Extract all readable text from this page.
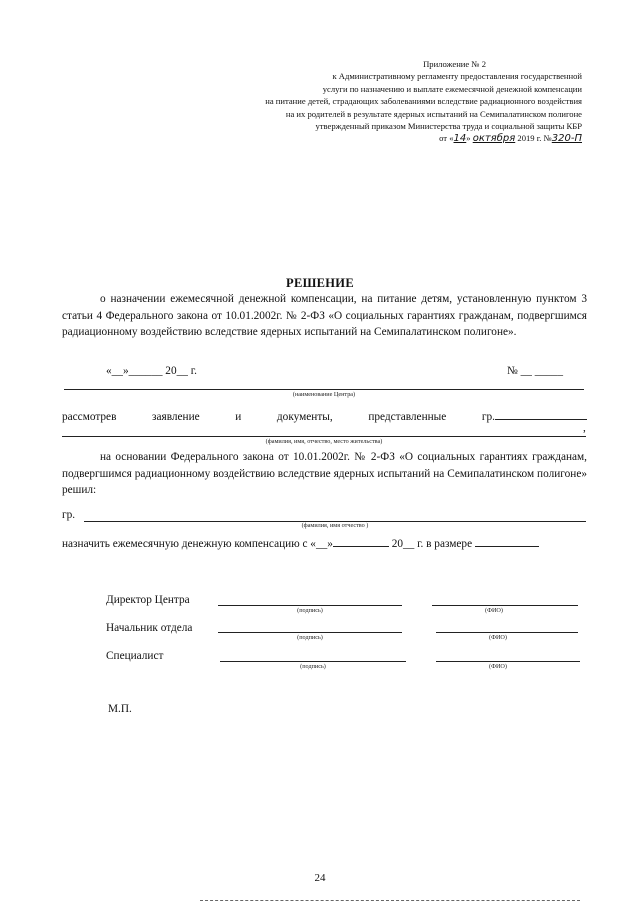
Приложение № 2
к Административному регламенту предоставления государственной
услуги по назначению и выплате ежемесячной денежной компенсации
на питание детей, страдающих заболеваниями вследствие радиационного воздействия
на их родителей в результате ядерных испытаний на Семипалатинском полигоне
утвержденный приказом Министерства труда и социальной защиты КБР
от «14» октября 2019 г. №320-П
РЕШЕНИЕ
о назначении ежемесячной денежной компенсации, на питание детям, установленную пунктом 3 статьи 4 Федерального закона от 10.01.2002г. № 2-ФЗ «О социальных гарантиях гражданам, подвергшимся радиационному воздействию вследствие ядерных испытаний на Семипалатинском полигоне».
«__»______ 20__ г.	№ __ _____
(наименование Центра)
рассмотрев	заявление	и	документы,	представленные	гр.
,
(фамилия, имя, отчество, место жительства)
на основании Федерального закона от 10.01.2002г. № 2-ФЗ «О социальных гарантиях гражданам, подвергшимся радиационному воздействию вследствие ядерных испытаний на Семипалатинском полигоне» решил:
гр.
(фамилия, имя отчество )
назначить ежемесячную денежную компенсацию с «__»	20__ г. в размере
Директор Центра
(подпись)	(ФИО)
Начальник отдела
(подпись)	(ФИО)
Специалист
(подпись)	(ФИО)
М.П.
24
